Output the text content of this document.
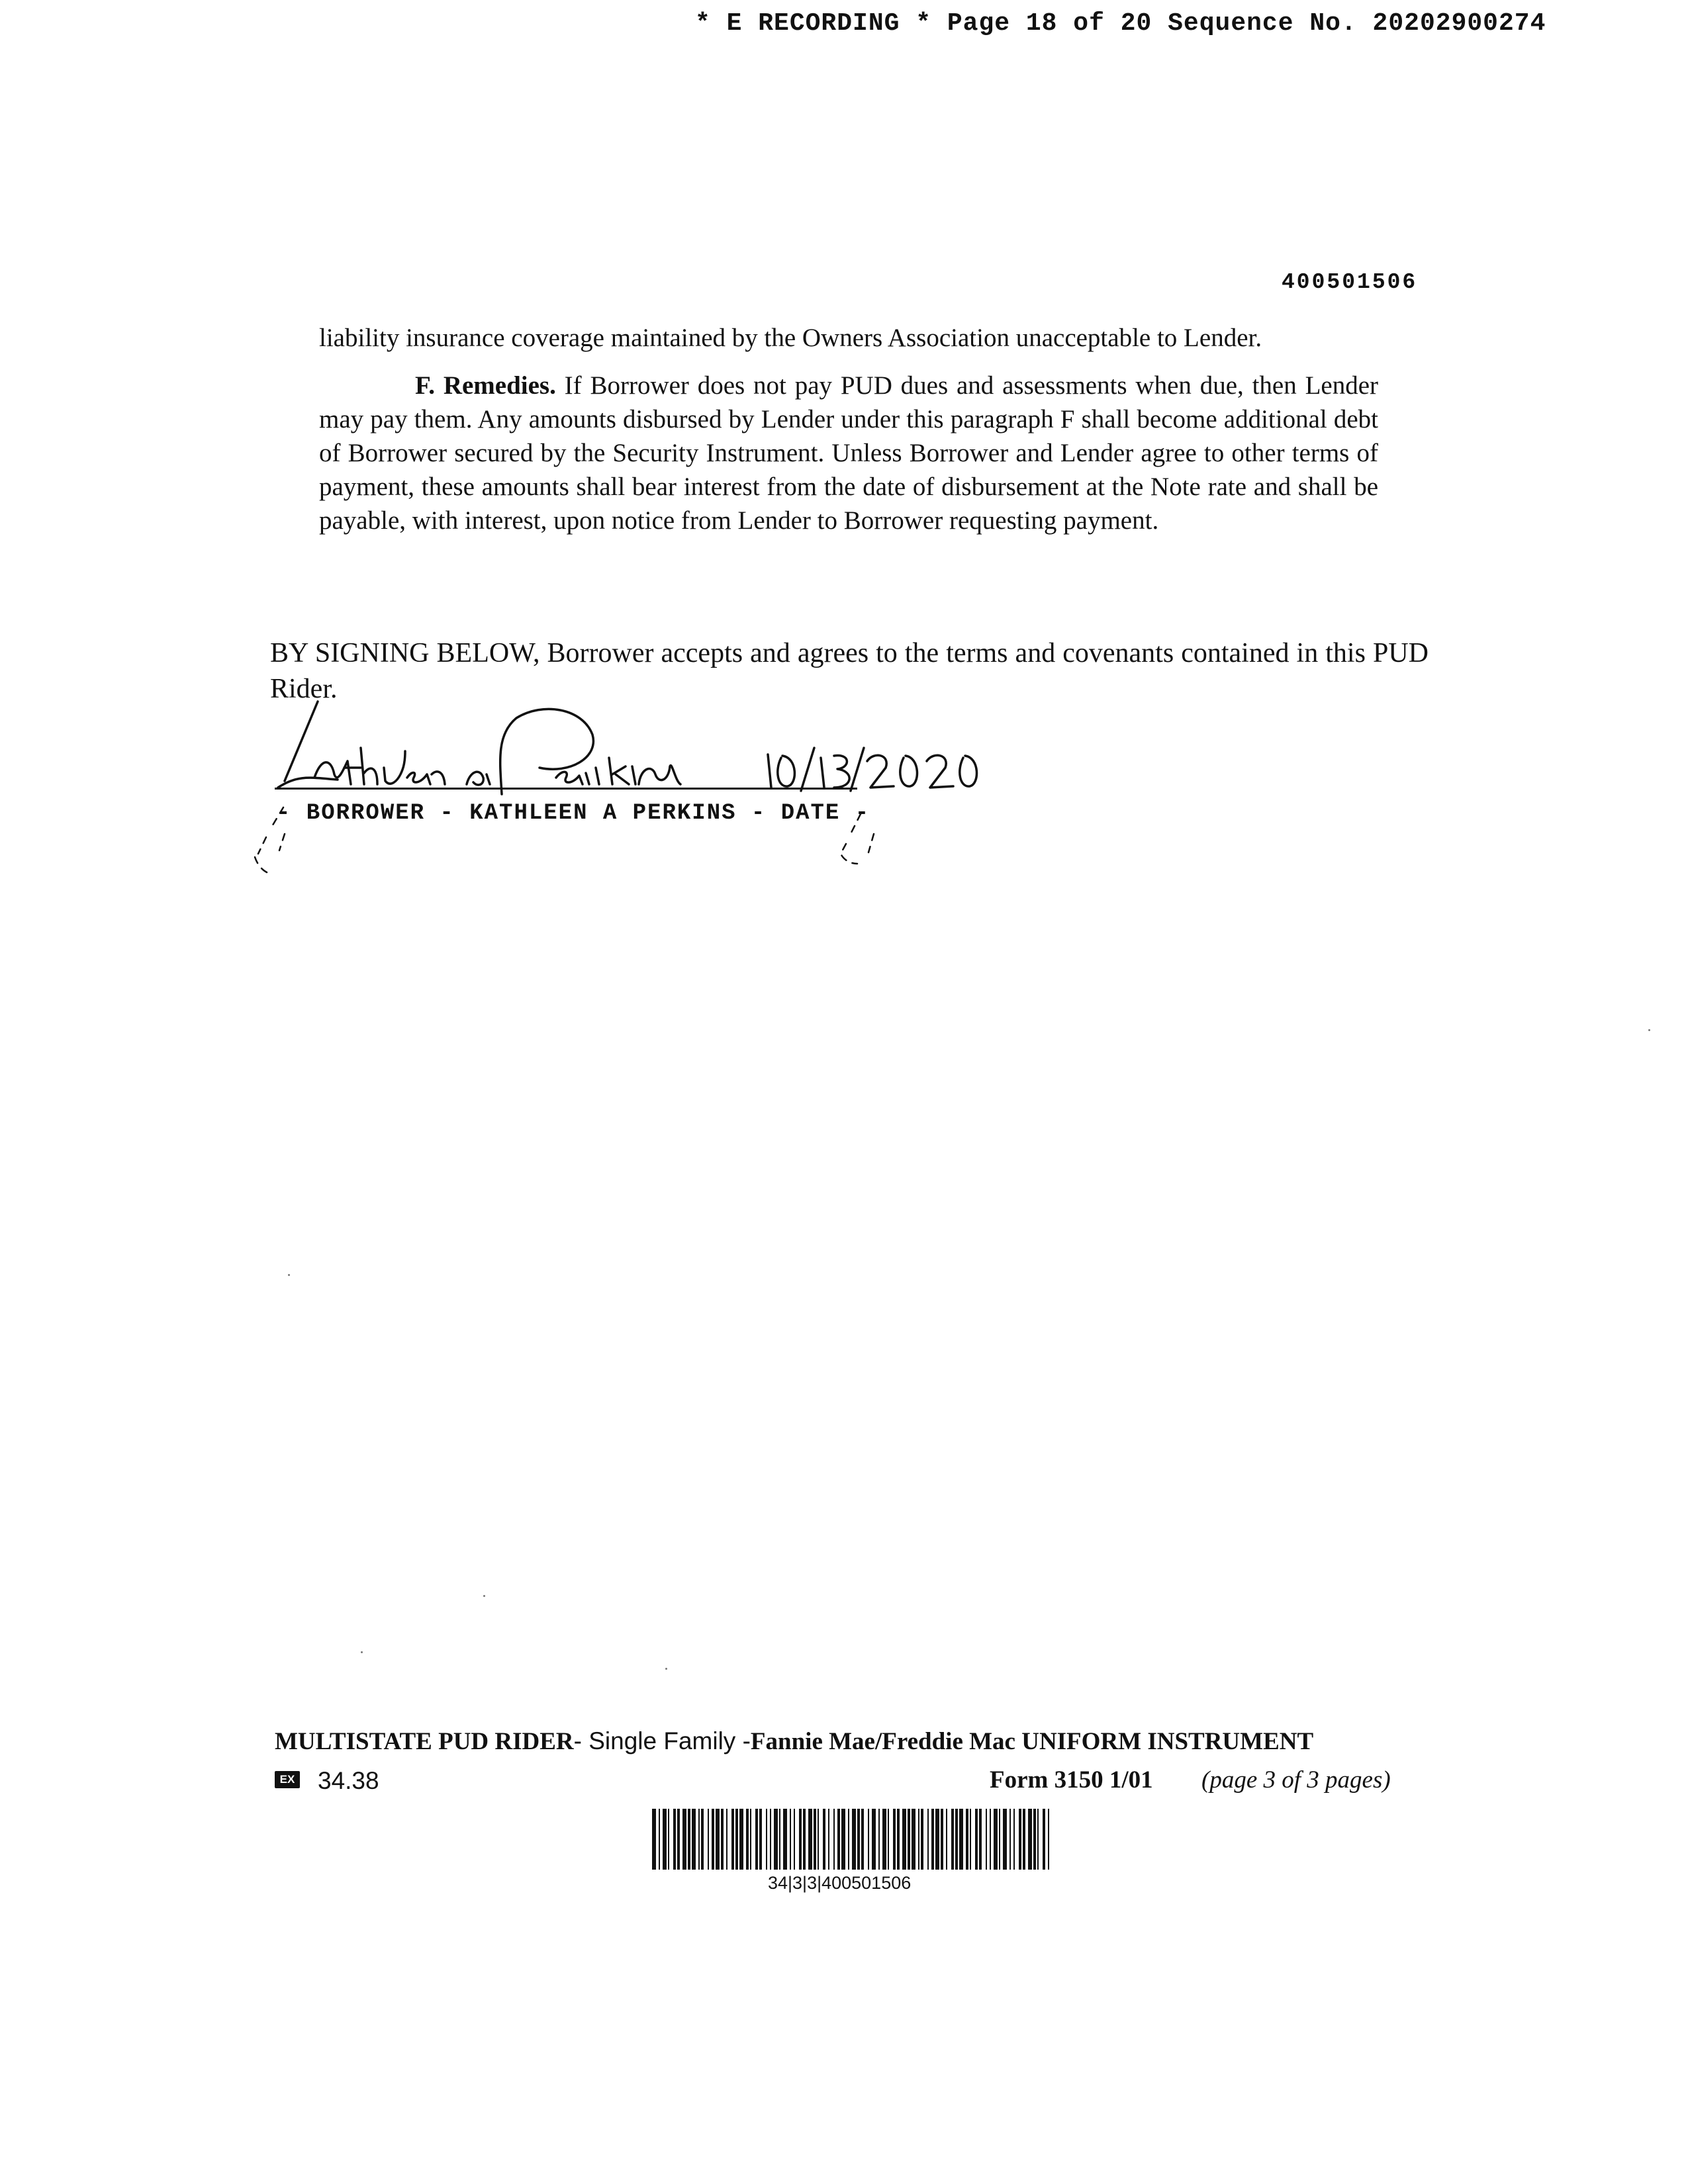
* E RECORDING * Page 18 of 20 Sequence No. 20202900274
400501506
liability insurance coverage maintained by the Owners Association unacceptable to Lender.
F. Remedies. If Borrower does not pay PUD dues and assessments when due, then Lender may pay them. Any amounts disbursed by Lender under this paragraph F shall become additional debt of Borrower secured by the Security Instrument. Unless Borrower and Lender agree to other terms of payment, these amounts shall bear interest from the date of disbursement at the Note rate and shall be payable, with interest, upon notice from Lender to Borrower requesting payment.
BY SIGNING BELOW, Borrower accepts and agrees to the terms and covenants contained in this PUD Rider.
- BORROWER - KATHLEEN A PERKINS - DATE -
MULTISTATE PUD RIDER- Single Family -Fannie Mae/Freddie Mac UNIFORM INSTRUMENT
EX 34.38	Form 3150 1/01 (page 3 of 3 pages)
34|3|3|400501506
